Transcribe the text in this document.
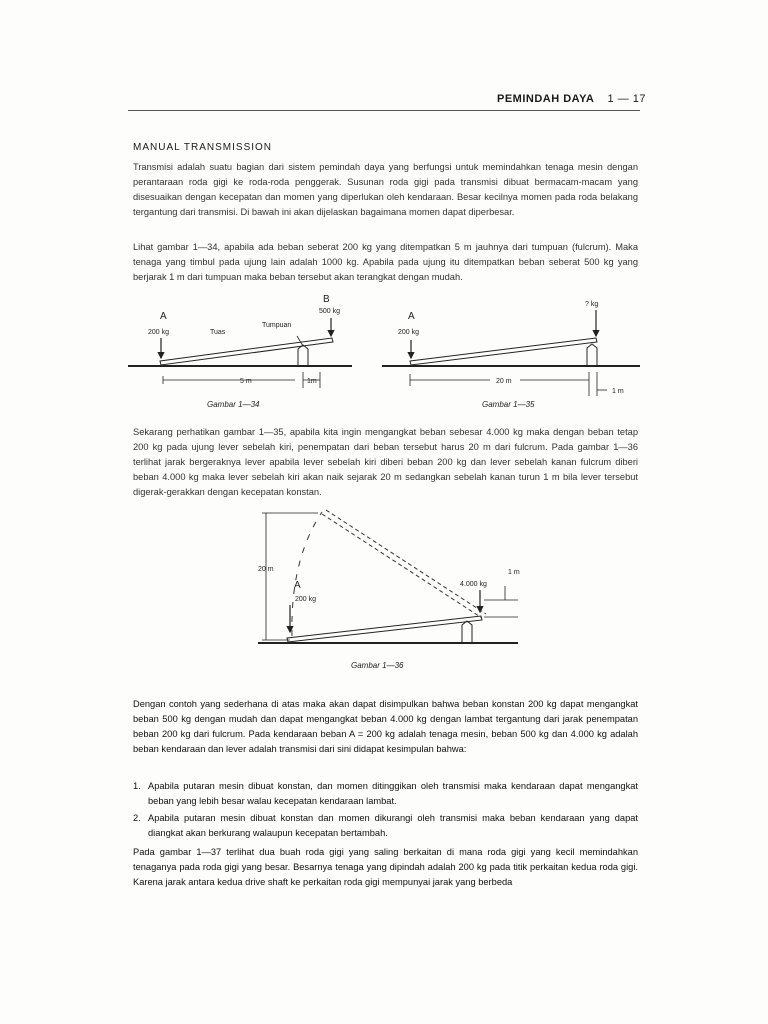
PEMINDAH DAYA 1 — 17
MANUAL TRANSMISSION

Transmisi adalah suatu bagian dari sistem pemindah daya yang berfungsi untuk memindahkan tenaga mesin dengan perantaraan roda gigi ke roda-roda penggerak. Susunan roda gigi pada transmisi dibuat bermacam-macam yang disesuaikan dengan kecepatan dan momen yang diperlukan oleh kendaraan. Besar kecilnya momen pada roda belakang tergantung dari transmisi. Di bawah ini akan dijelaskan bagaimana momen dapat diperbesar.

Lihat gambar 1—34, apabila ada beban seberat 200 kg yang ditempatkan 5 m jauhnya dari tumpuan (fulcrum). Maka tenaga yang timbul pada ujung lain adalah 1000 kg. Apabila pada ujung itu ditempatkan beban seberat 500 kg yang berjarak 1 m dari tumpuan maka beban tersebut akan terangkat dengan mudah.

Sekarang perhatikan gambar 1—35, apabila kita ingin mengangkat beban sebesar 4.000 kg maka dengan beban tetap 200 kg pada ujung lever sebelah kiri, penempatan dari beban tersebut harus 20 m dari fulcrum. Pada gambar 1—36 terlihat jarak bergeraknya lever apabila lever sebelah kiri diberi beban 200 kg dan lever sebelah kanan fulcrum diberi beban 4.000 kg maka lever sebelah kiri akan naik sejarak 20 m sedangkan sebelah kanan turun 1 m bila lever tersebut digerak-gerakkan dengan kecepatan konstan.

Dengan contoh yang sederhana di atas maka akan dapat disimpulkan bahwa beban konstan 200 kg dapat mengangkat beban 500 kg dengan mudah dan dapat mengangkat beban 4.000 kg dengan lambat tergantung dari jarak penempatan beban 200 kg dari fulcrum. Pada kendaraan beban A = 200 kg adalah tenaga mesin, beban 500 kg dan 4.000 kg adalah beban kendaraan dan lever adalah transmisi dari sini didapat kesimpulan bahwa:

1. Apabila putaran mesin dibuat konstan, dan momen ditinggikan oleh transmisi maka kendaraan dapat mengangkat beban yang lebih besar walau kecepatan kendaraan lambat.
2. Apabila putaran mesin dibuat konstan dan momen dikurangi oleh transmisi maka beban kendaraan yang dapat diangkat akan berkurang walaupun kecepatan bertambah.

Pada gambar 1—37 terlihat dua buah roda gigi yang saling berkaitan di mana roda gigi yang kecil memindahkan tenaganya pada roda gigi yang besar. Besarnya tenaga yang dipindah adalah 200 kg pada titik perkaitan kedua roda gigi. Karena jarak antara kedua drive shaft ke perkaitan roda gigi mempunyai jarak yang berbeda

A
B
200 kg
500 kg
Tuas
Tumpuan
5 m	1m
Gambar 1—34
A
? kg
200 kg
20 m
1 m
Gambar 1—35
20 m
A
200 kg
4.000 kg
1 m
Gambar 1—36
